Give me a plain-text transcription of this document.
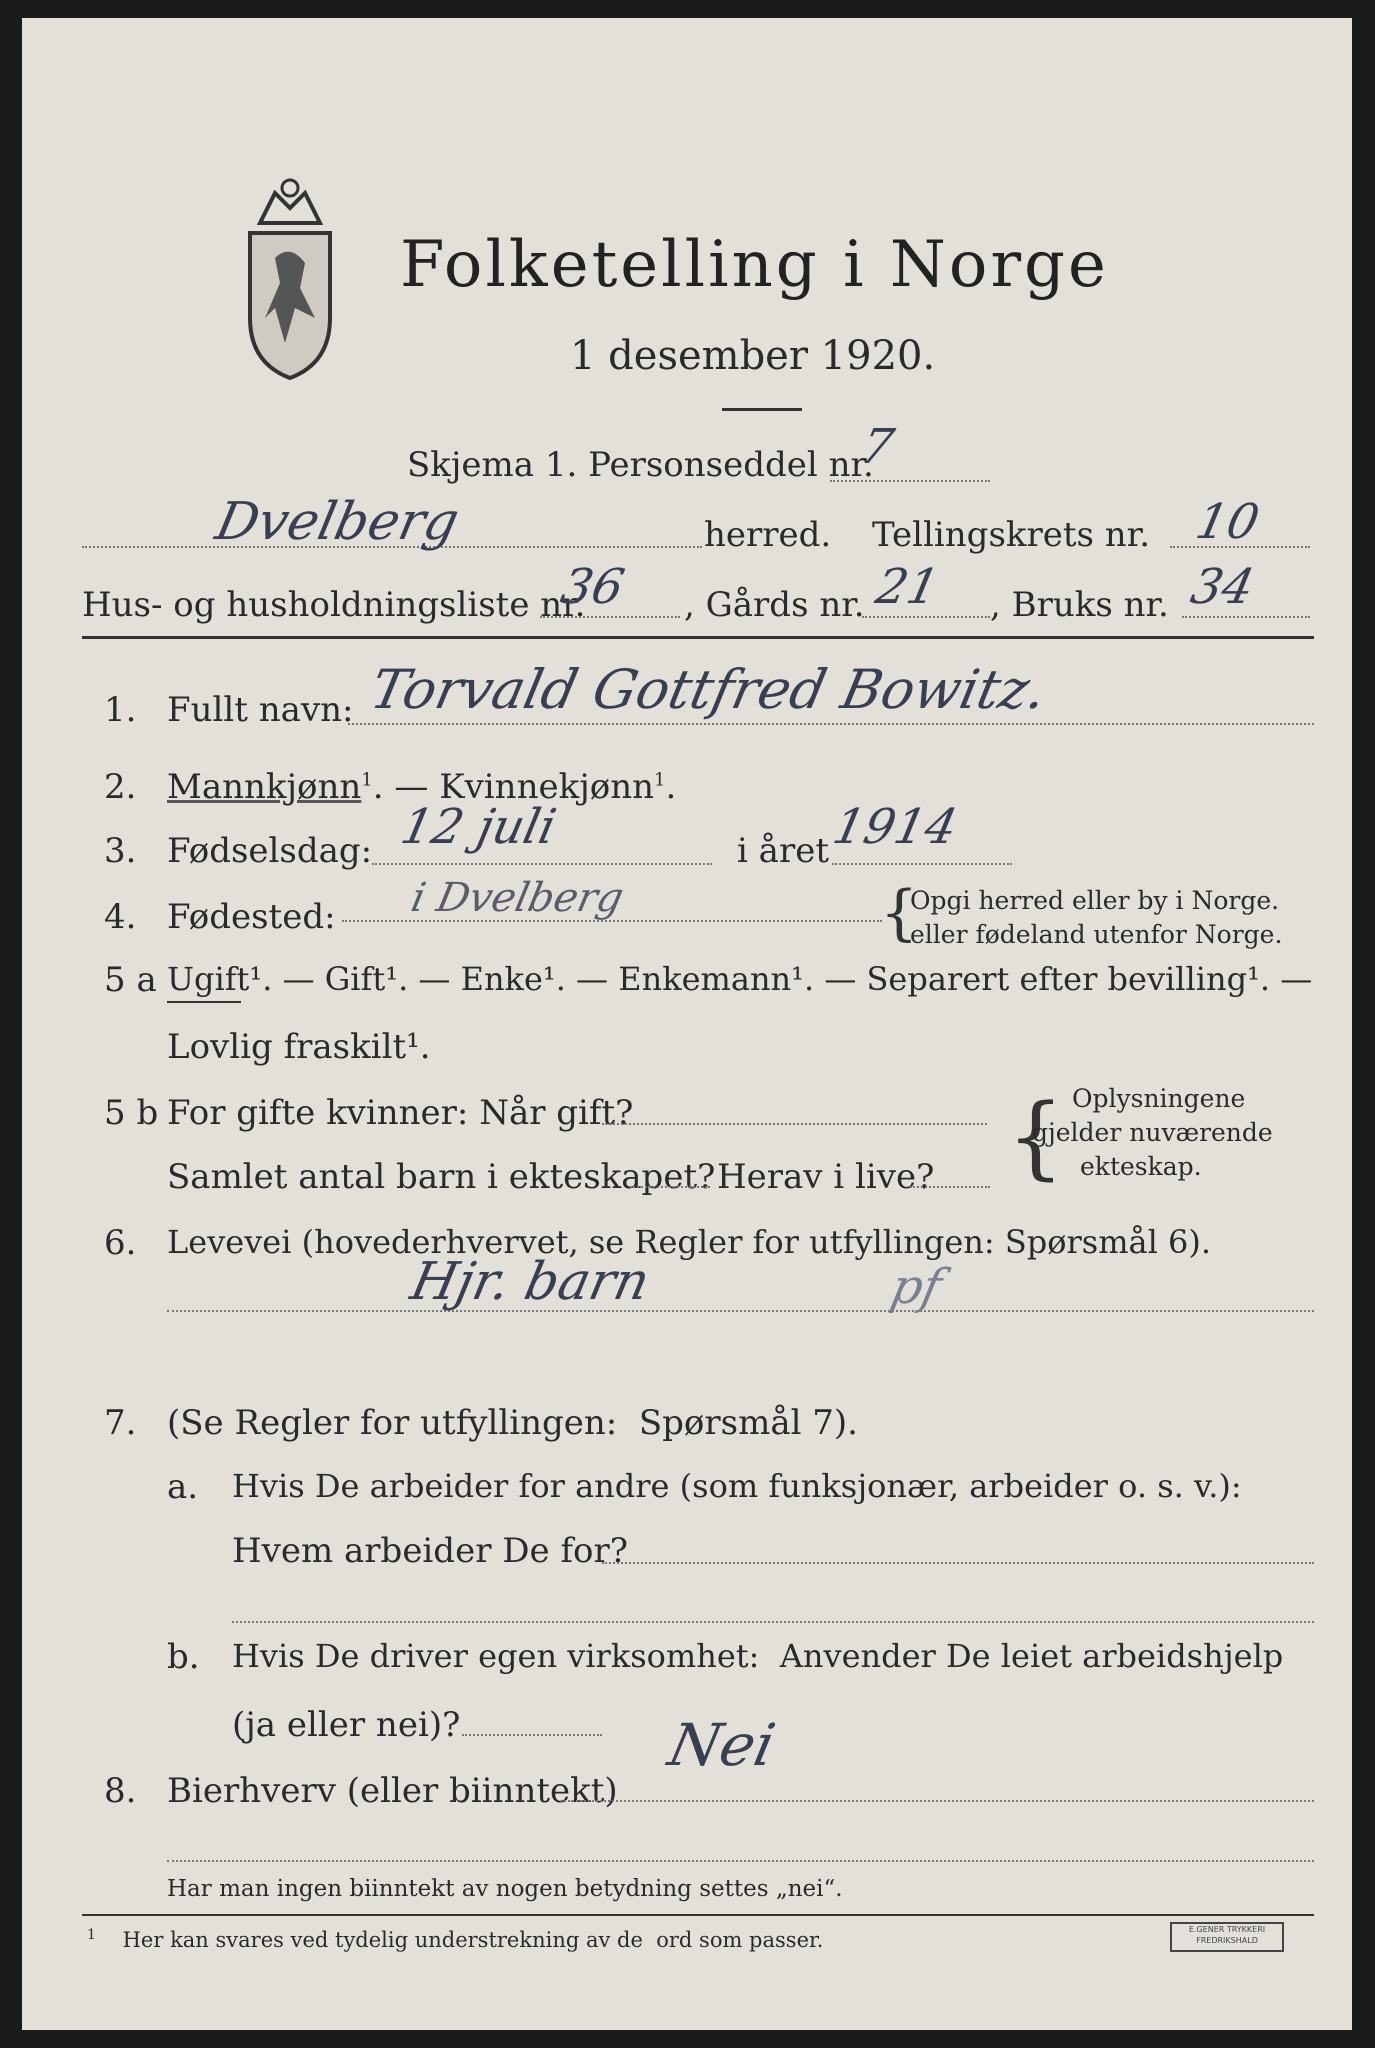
Folketelling i Norge
1 desember 1920.
Skjema 1. Personseddel nr.
7
Dvelberg	herred. Tellingskrets nr. 10
Hus- og husholdningsliste nr.
36 , Gårds nr. 21 , Bruks nr. 34
1. Fullt navn: Torvald Gottfred Bowitz.
2. Mannkjønn$^1$. — Kvinnekjønn$^1$.
3. Fødselsdag: 12 juli	i året 1914
4. Fødested: i Dvelberg	{
Opgi herred eller by i Norge.
eller fødeland utenfor Norge.
5 a Ugift¹. — Gift¹. — Enke¹. — Enkemann¹. — Separert efter bevilling¹. —
Lovlig fraskilt¹.
5 b For gifte kvinner: Når gift?
Samlet antal barn i ekteskapet? Herav i live? { Oplysningene
gjelder nuværende
ekteskap.
6. Levevei (hovederhvervet, se Regler for utfyllingen: Spørsmål 6).
Hjr. barn	pf
7. (Se Regler for utfyllingen:  Spørsmål 7).
a. Hvis De arbeider for andre (som funksjonær, arbeider o. s. v.):
Hvem arbeider De for?
b. Hvis De driver egen virksomhet:  Anvender De leiet arbeidshjelp
(ja eller nei)?
8. Bierhverv (eller biinntekt)
Nei
Har man ingen biinntekt av nogen betydning settes „nei“.
$^1$ Her kan svares ved tydelig understrekning av de  ord som passer.	E.GENER TRYKKERI FREDRIKSHALD
